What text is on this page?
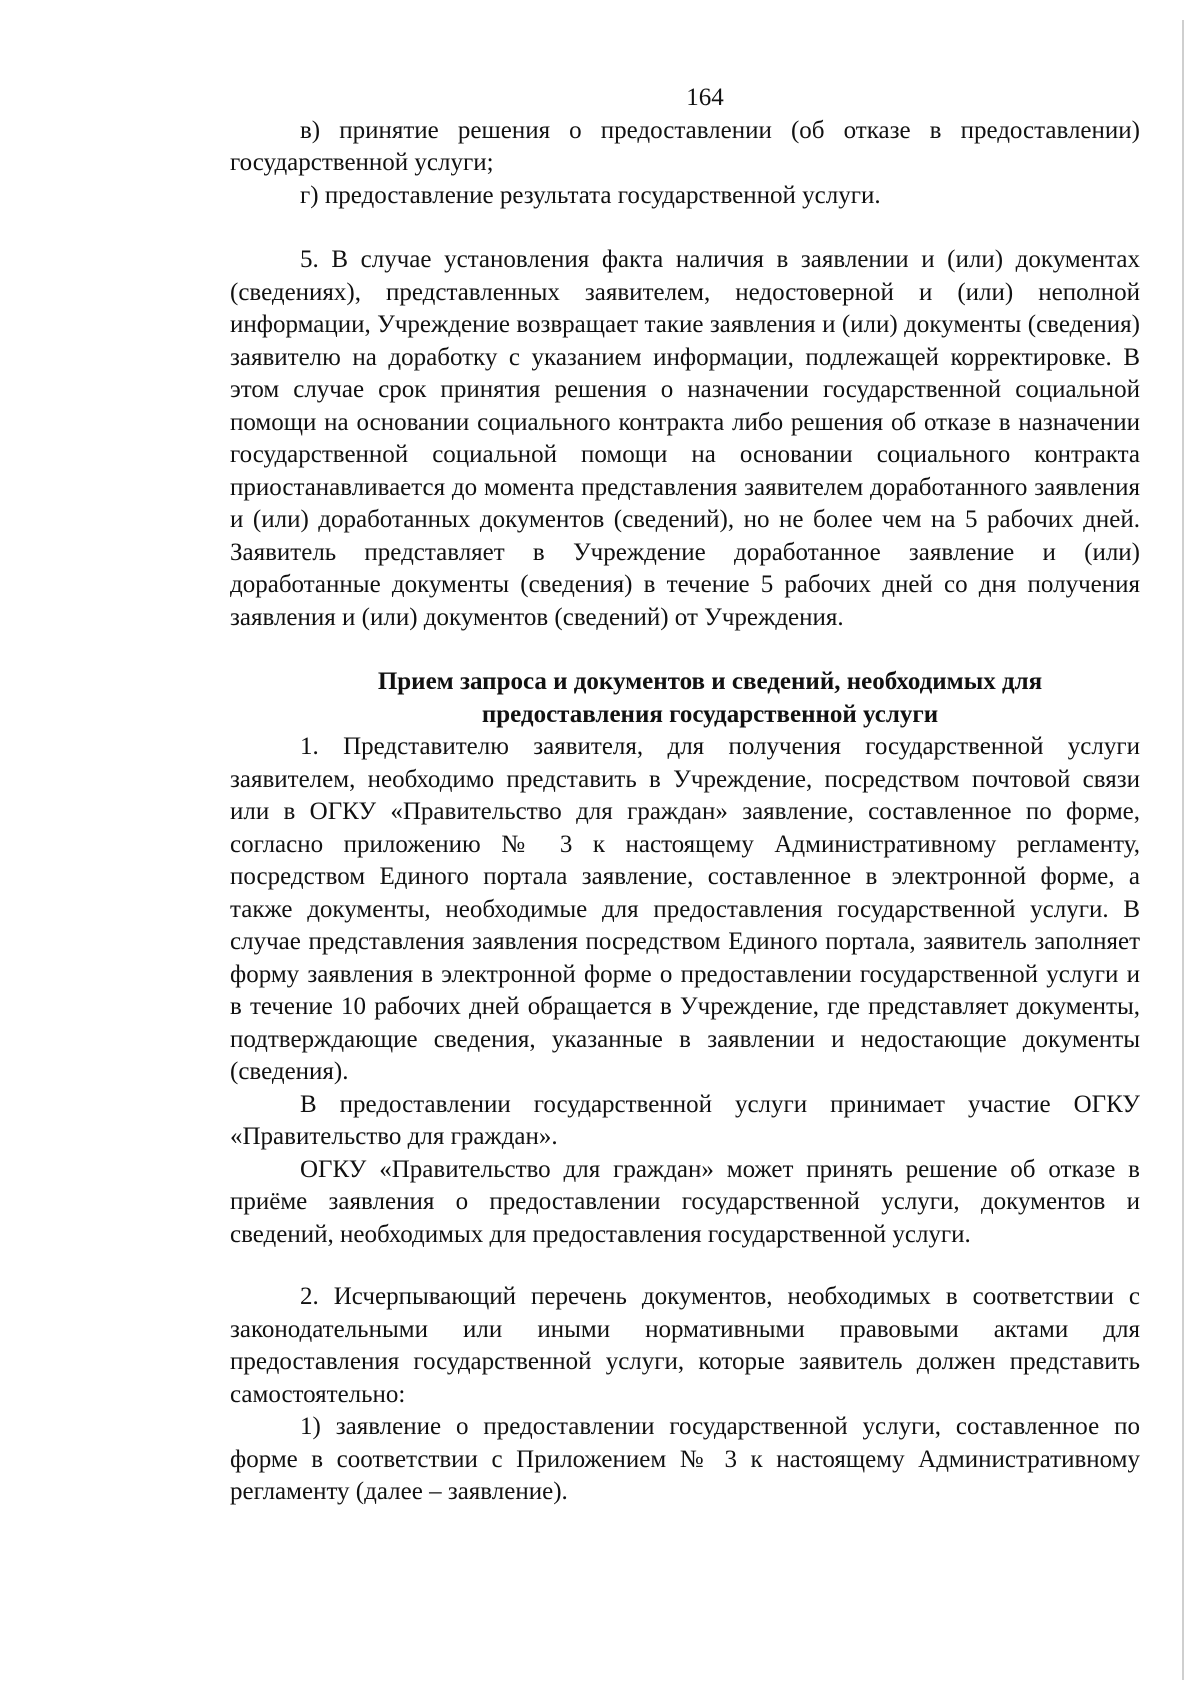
164

в) принятие решения о предоставлении (об отказе в предоставлении) государственной услуги;

г) предоставление результата государственной услуги.

5. В случае установления факта наличия в заявлении и (или) документах (сведениях), представленных заявителем, недостоверной и (или) неполной информации, Учреждение возвращает такие заявления и (или) документы (сведения) заявителю на доработку с указанием информации, подлежащей корректировке. В этом случае срок принятия решения о назначении государственной социальной помощи на основании социального контракта либо решения об отказе в назначении государственной социальной помощи на основании социального контракта приостанавливается до момента представления заявителем доработанного заявления и (или) доработанных документов (сведений), но не более чем на 5 рабочих дней. Заявитель представляет в Учреждение доработанное заявление и (или) доработанные документы (сведения) в течение 5 рабочих дней со дня получения заявления и (или) документов (сведений) от Учреждения.

Прием запроса и документов и сведений, необходимых для
предоставления государственной услуги

1. Представителю заявителя, для получения государственной услуги заявителем, необходимо представить в Учреждение, посредством почтовой связи или в ОГКУ «Правительство для граждан» заявление, составленное по форме, согласно приложению № 3 к настоящему Административному регламенту, посредством Единого портала заявление, составленное в электронной форме, а также документы, необходимые для предоставления государственной услуги. В случае представления заявления посредством Единого портала, заявитель заполняет форму заявления в электронной форме о предоставлении государственной услуги и в течение 10 рабочих дней обращается в Учреждение, где представляет документы, подтверждающие сведения, указанные в заявлении и недостающие документы (сведения).

В предоставлении государственной услуги принимает участие ОГКУ «Правительство для граждан».

ОГКУ «Правительство для граждан» может принять решение об отказе в приёме заявления о предоставлении государственной услуги, документов и сведений, необходимых для предоставления государственной услуги.

2. Исчерпывающий перечень документов, необходимых в соответствии с законодательными или иными нормативными правовыми актами для предоставления государственной услуги, которые заявитель должен представить самостоятельно:

1) заявление о предоставлении государственной услуги, составленное по форме в соответствии с Приложением № 3 к настоящему Административному регламенту (далее – заявление).
